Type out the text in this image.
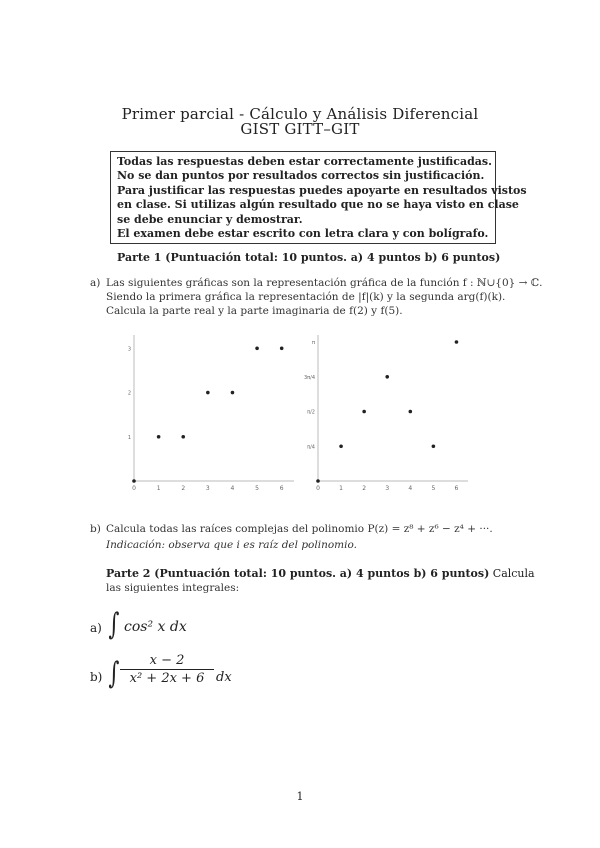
Primer parcial - Cálculo y Análisis Diferencial
GIST GITT–GIT
Todas las respuestas deben estar correctamente justificadas.
No se dan puntos por resultados correctos sin justificación.
Para justificar las respuestas puedes apoyarte en resultados vistos
en clase. Si utilizas algún resultado que no se haya visto en clase
se debe enunciar y demostrar.
El examen debe estar escrito con letra clara y con bolígrafo.
Parte 1 (Puntuación total: 10 puntos. a) 4 puntos b) 6 puntos)
a) Las siguientes gráficas son la representación gráfica de la función f : ℕ∪{0} → ℂ.
Siendo la primera gráfica la representación de |f|(k) y la segunda arg(f)(k).
Calcula la parte real y la parte imaginaria de f(2) y f(5).
0	1	2	3	4	5	6
1
2
3
0	1	2	3	4	5	6
π/4
π/2
3π/4
π
b) Calcula todas las raíces complejas del polinomio P(z) = z⁸ + z⁶ − z⁴ + ···.
Indicación: observa que i es raíz del polinomio.
Parte 2 (Puntuación total: 10 puntos. a) 4 puntos b) 6 puntos) Calcula
las siguientes integrales:
a) ∫ cos² x dx
b) ∫	x − 2
x² + 2x + 6 dx
1
